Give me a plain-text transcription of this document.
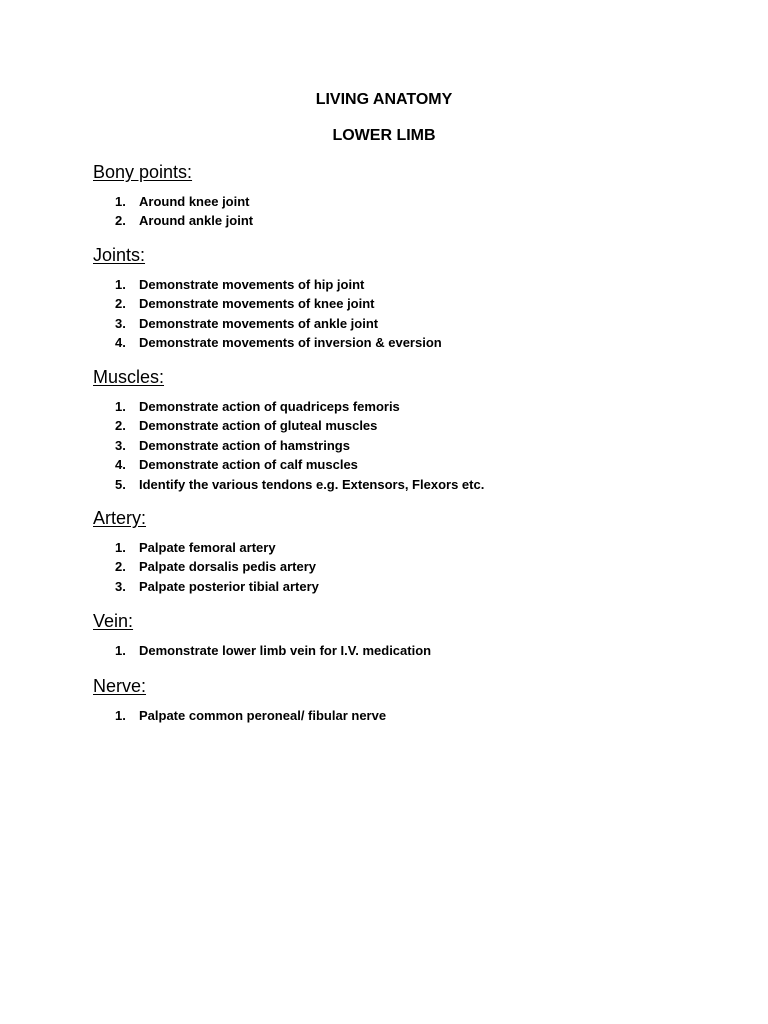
LIVING ANATOMY
LOWER LIMB
Bony points:
1. Around knee joint
2. Around ankle joint
Joints:
1. Demonstrate movements of hip joint
2. Demonstrate movements of knee joint
3. Demonstrate movements of ankle joint
4. Demonstrate movements of inversion & eversion
Muscles:
1. Demonstrate action of quadriceps femoris
2. Demonstrate action of gluteal muscles
3. Demonstrate action of hamstrings
4. Demonstrate action of calf muscles
5. Identify the various tendons e.g. Extensors, Flexors etc.
Artery:
1. Palpate femoral artery
2. Palpate dorsalis pedis artery
3. Palpate posterior tibial artery
Vein:
1. Demonstrate lower limb vein for I.V. medication
Nerve:
1. Palpate common peroneal/ fibular nerve
